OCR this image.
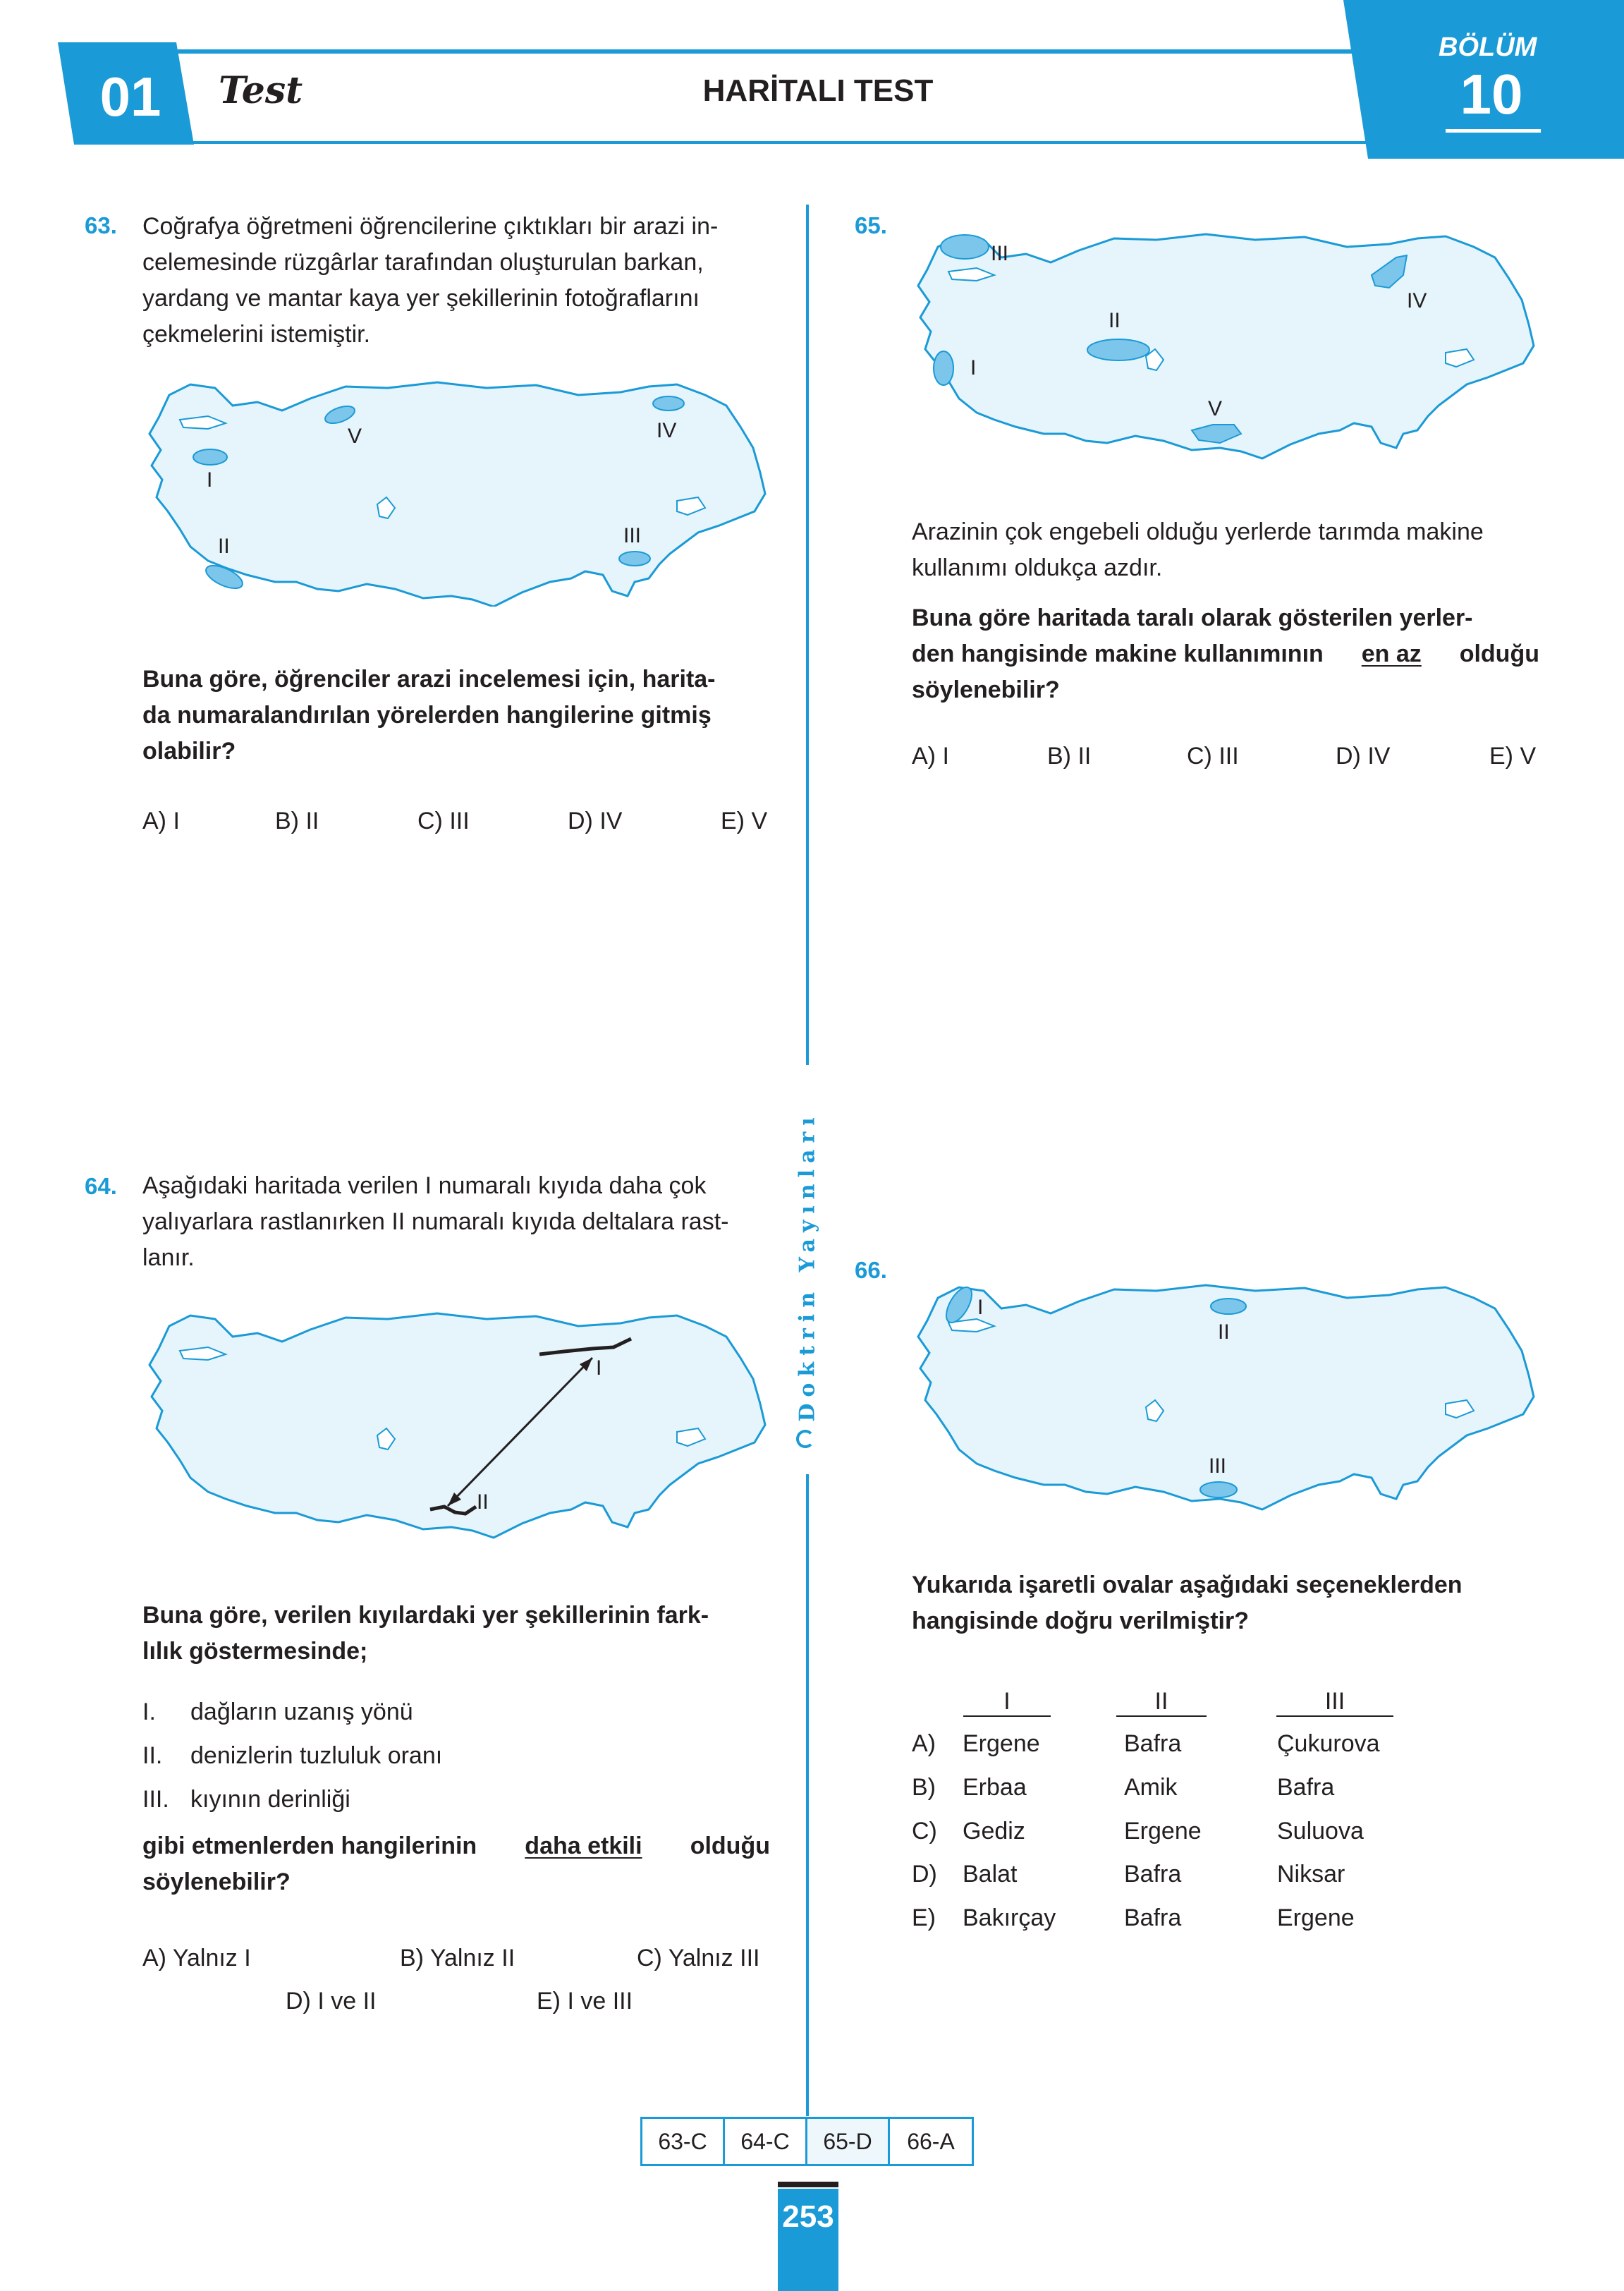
01	Test	HARİTALI TEST
BÖLÜM
10
Doktrin Yayınları
63. Coğrafya öğretmeni öğrencilerine çıktıkları bir arazi in-
celemesinde rüzgârlar tarafından oluşturulan barkan,
yardang ve mantar kaya yer şekillerinin fotoğraflarını
çekmelerini istemiştir.
I
II	III
IV
V
Buna göre, öğrenciler arazi incelemesi için, harita-
da numaralandırılan yörelerden hangilerine gitmiş
olabilir?
A) I	B) II	C) III	D) IV	E) V
64. Aşağıdaki haritada verilen I numaralı kıyıda daha çok
yalıyarlara rastlanırken II numaralı kıyıda deltalara rast-
lanır.
I
II
Buna göre, verilen kıyılardaki yer şekillerinin fark-
lılık göstermesinde;
I. dağların uzanış yönü
II. denizlerin tuzluluk oranı
III. kıyının derinliği
gibi etmenlerden hangilerinin daha etkili olduğu
söylenebilir?
A) Yalnız I	B) Yalnız II	C) Yalnız III
D) I ve II	E) I ve III
65.
I
II
III
IV
V
Arazinin çok engebeli olduğu yerlerde tarımda makine
kullanımı oldukça azdır.
Buna göre haritada taralı olarak gösterilen yerler-
den hangisinde makine kullanımının en az olduğu
söylenebilir?
A) I	B) II	C) III	D) IV	E) V
66.
I
II
III
Yukarıda işaretli ovalar aşağıdaki seçeneklerden
hangisinde doğru verilmiştir?
I	II	III
A) Ergene	Bafra	Çukurova
B) Erbaa	Amik	Bafra
C) Gediz	Ergene	Suluova
D) Balat	Bafra	Niksar
E) Bakırçay	Bafra	Ergene
63-C	64-C	65-D	66-A
253
